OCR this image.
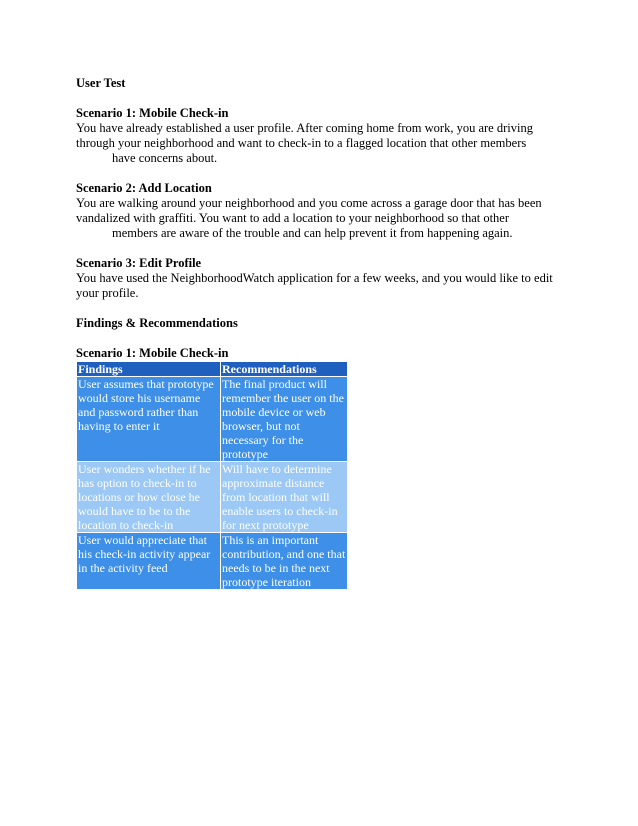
User Test

Scenario 1: Mobile Check-in

You have already established a user profile. After coming home from work, you are driving

through your neighborhood and want to check-in to a flagged location that other members

have concerns about.

Scenario 2: Add Location

You are walking around your neighborhood and you come across a garage door that has been

vandalized with graffiti. You want to add a location to your neighborhood so that other

members are aware of the trouble and can help prevent it from happening again.

Scenario 3: Edit Profile

You have used the NeighborhoodWatch application for a few weeks, and you would like to edit

your profile.

Findings & Recommendations

Scenario 1: Mobile Check-in

Findings	Recommendations
User assumes that prototype would store his username and password rather than having to enter it	The final product will remember the user on the mobile device or web browser, but not necessary for the prototype
User wonders whether if he has option to check-in to locations or how close he would have to be to the location to check-in	Will have to determine approximate distance from location that will enable users to check-in for next prototype
User would appreciate that his check-in activity appear in the activity feed	This is an important contribution, and one that needs to be in the next prototype iteration
